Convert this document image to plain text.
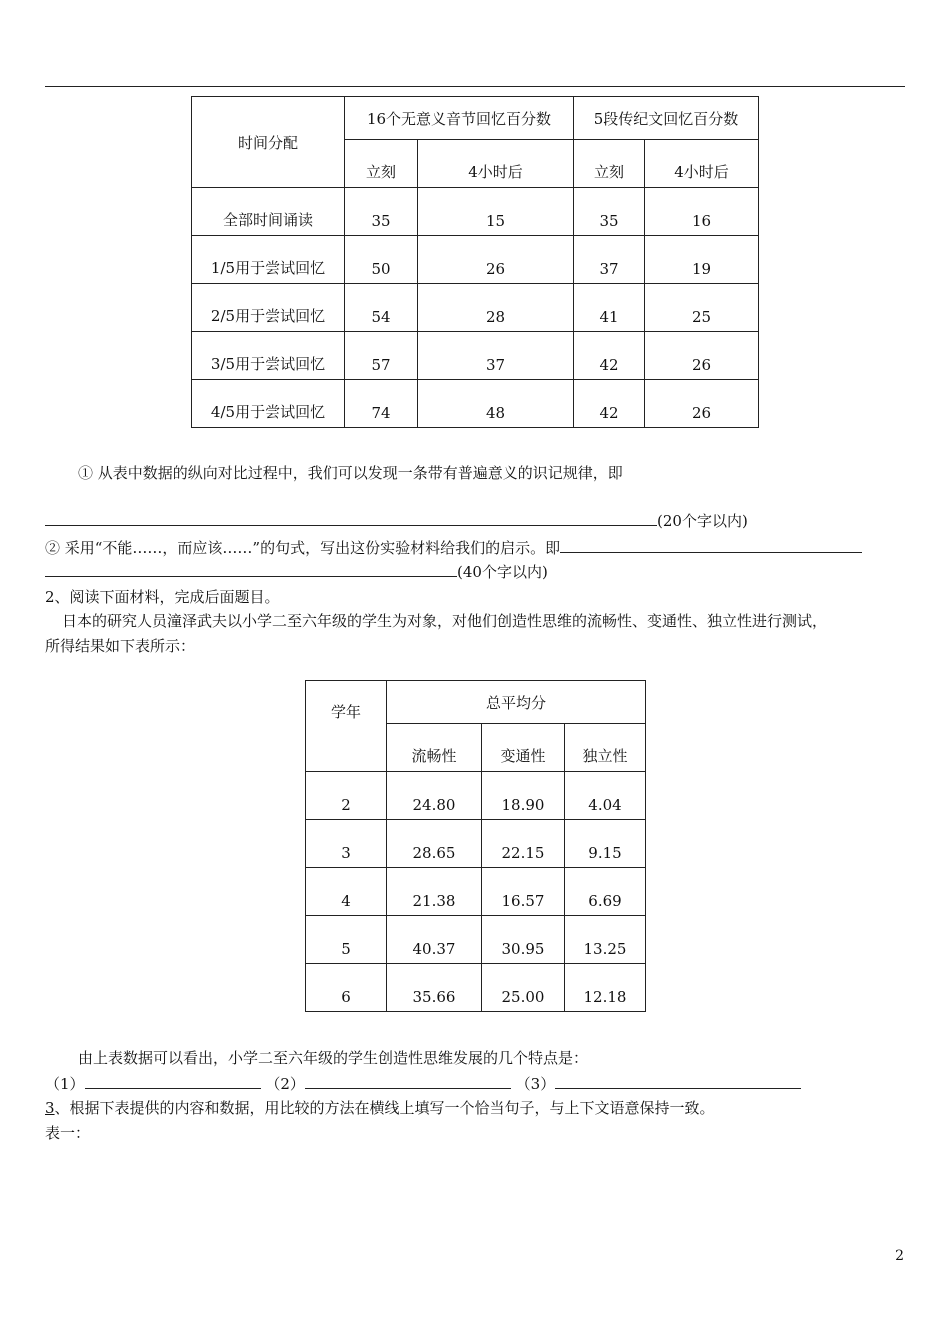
时间分配	16个无意义音节回忆百分数		5段传纪文回忆百分数	
	立刻	4小时后	立刻	4小时后
全部时间诵读	35	15	35	16
1/5用于尝试回忆	50	26	37	19
2/5用于尝试回忆	54	28	41	25
3/5用于尝试回忆	57	37	42	26
4/5用于尝试回忆	74	48	42	26
① 从表中数据的纵向对比过程中，我们可以发现一条带有普遍意义的识记规律，即
(20个字以内)
② 采用“不能……，而应该……”的句式，写出这份实验材料给我们的启示。即
(40个字以内)
2、阅读下面材料，完成后面题目。
日本的研究人员潼泽武夫以小学二至六年级的学生为对象，对他们创造性思维的流畅性、变通性、独立性进行测试，
所得结果如下表所示：
学年	总平均分		
	流畅性	变通性	独立性
2	24.80	18.90	4.04
3	28.65	22.15	9.15
4	21.38	16.57	6.69
5	40.37	30.95	13.25
6	35.66	25.00	12.18
由上表数据可以看出，小学二至六年级的学生创造性思维发展的几个特点是：
（1）	（2）	（3）
3、根据下表提供的内容和数据，用比较的方法在横线上填写一个恰当句子，与上下文语意保持一致。
表一：
2
